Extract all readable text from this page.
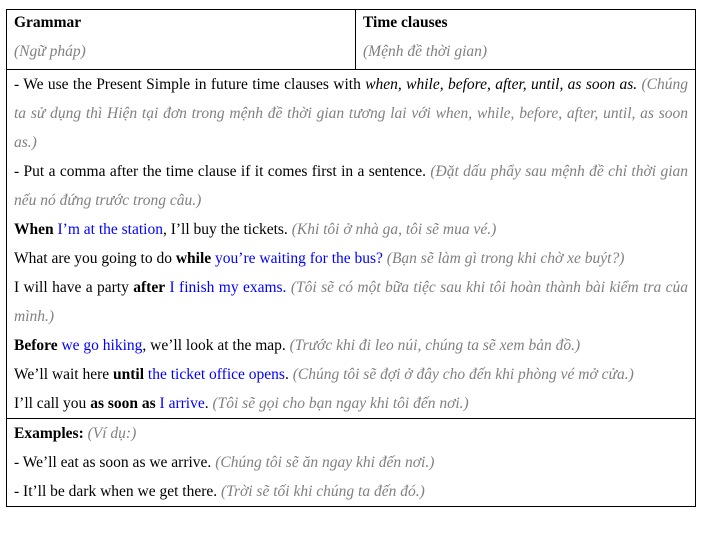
Grammar
(Ngữ pháp)

Time clauses
(Mệnh đề thời gian)

- We use the Present Simple in future time clauses with when, while, before, after, until, as soon as. (Chúng ta sử dụng thì Hiện tại đơn trong mệnh đề thời gian tương lai với when, while, before, after, until, as soon as.)
- Put a comma after the time clause if it comes first in a sentence. (Đặt dấu phẩy sau mệnh đề chỉ thời gian nếu nó đứng trước trong câu.)
When I’m at the station, I’ll buy the tickets. (Khi tôi ở nhà ga, tôi sẽ mua vé.)
What are you going to do while you’re waiting for the bus? (Bạn sẽ làm gì trong khi chờ xe buýt?)
I will have a party after I finish my exams. (Tôi sẽ có một bữa tiệc sau khi tôi hoàn thành bài kiểm tra của mình.)
Before we go hiking, we’ll look at the map. (Trước khi đi leo núi, chúng ta sẽ xem bản đồ.)
We’ll wait here until the ticket office opens. (Chúng tôi sẽ đợi ở đây cho đến khi phòng vé mở cửa.)
I’ll call you as soon as I arrive. (Tôi sẽ gọi cho bạn ngay khi tôi đến nơi.)

Examples: (Ví dụ:)
- We’ll eat as soon as we arrive. (Chúng tôi sẽ ăn ngay khi đến nơi.)
- It’ll be dark when we get there. (Trời sẽ tối khi chúng ta đến đó.)
